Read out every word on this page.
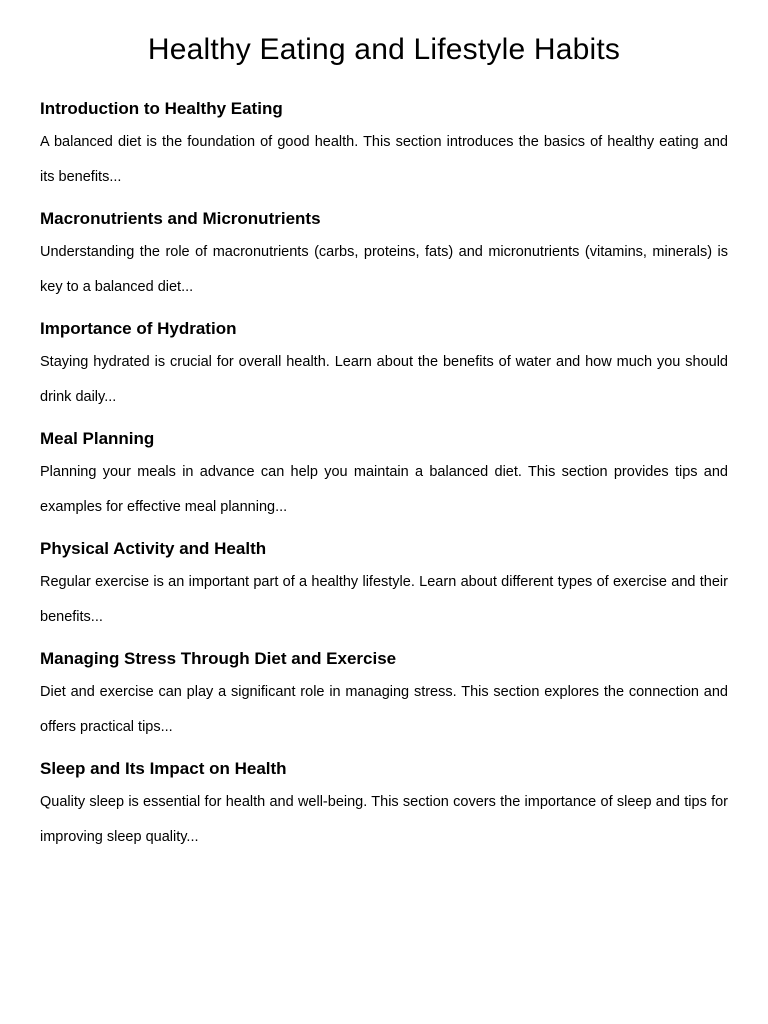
Healthy Eating and Lifestyle Habits
Introduction to Healthy Eating

A balanced diet is the foundation of good health. This section introduces the basics of healthy eating and its benefits...

Macronutrients and Micronutrients

Understanding the role of macronutrients (carbs, proteins, fats) and micronutrients (vitamins, minerals) is key to a balanced diet...

Importance of Hydration

Staying hydrated is crucial for overall health. Learn about the benefits of water and how much you should drink daily...

Meal Planning

Planning your meals in advance can help you maintain a balanced diet. This section provides tips and examples for effective meal planning...

Physical Activity and Health

Regular exercise is an important part of a healthy lifestyle. Learn about different types of exercise and their benefits...

Managing Stress Through Diet and Exercise

Diet and exercise can play a significant role in managing stress. This section explores the connection and offers practical tips...

Sleep and Its Impact on Health

Quality sleep is essential for health and well-being. This section covers the importance of sleep and tips for improving sleep quality...
